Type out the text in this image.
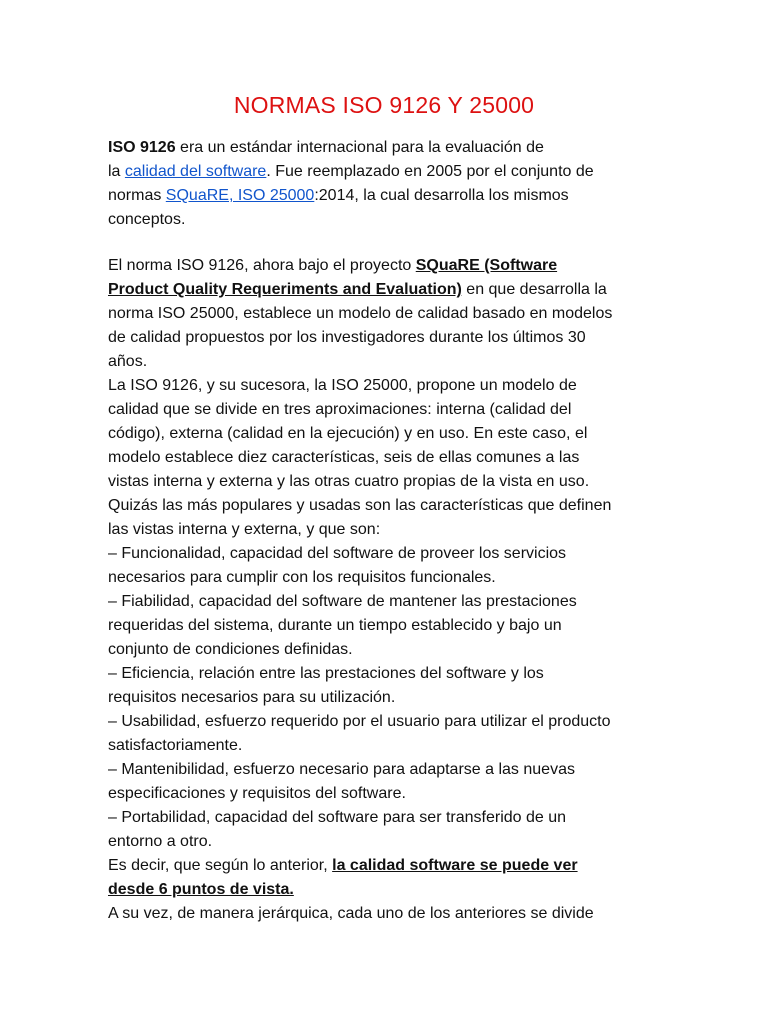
NORMAS ISO 9126 Y 25000
ISO 9126 era un estándar internacional para la evaluación de
la calidad del software. Fue reemplazado en 2005 por el conjunto de
normas SQuaRE, ISO 25000:2014, la cual desarrolla los mismos
conceptos.
El norma ISO 9126, ahora bajo el proyecto SQuaRE (Software
Product Quality Requeriments and Evaluation) en que desarrolla la
norma ISO 25000, establece un modelo de calidad basado en modelos
de calidad propuestos por los investigadores durante los últimos 30
años.
La ISO 9126, y su sucesora, la ISO 25000, propone un modelo de
calidad que se divide en tres aproximaciones: interna (calidad del
código), externa (calidad en la ejecución) y en uso. En este caso, el
modelo establece diez características, seis de ellas comunes a las
vistas interna y externa y las otras cuatro propias de la vista en uso.
Quizás las más populares y usadas son las características que definen
las vistas interna y externa, y que son:
– Funcionalidad, capacidad del software de proveer los servicios
necesarios para cumplir con los requisitos funcionales.
– Fiabilidad, capacidad del software de mantener las prestaciones
requeridas del sistema, durante un tiempo establecido y bajo un
conjunto de condiciones definidas.
– Eficiencia, relación entre las prestaciones del software y los
requisitos necesarios para su utilización.
– Usabilidad, esfuerzo requerido por el usuario para utilizar el producto
satisfactoriamente.
– Mantenibilidad, esfuerzo necesario para adaptarse a las nuevas
especificaciones y requisitos del software.
– Portabilidad, capacidad del software para ser transferido de un
entorno a otro.
Es decir, que según lo anterior, la calidad software se puede ver
desde 6 puntos de vista.
A su vez, de manera jerárquica, cada uno de los anteriores se divide
